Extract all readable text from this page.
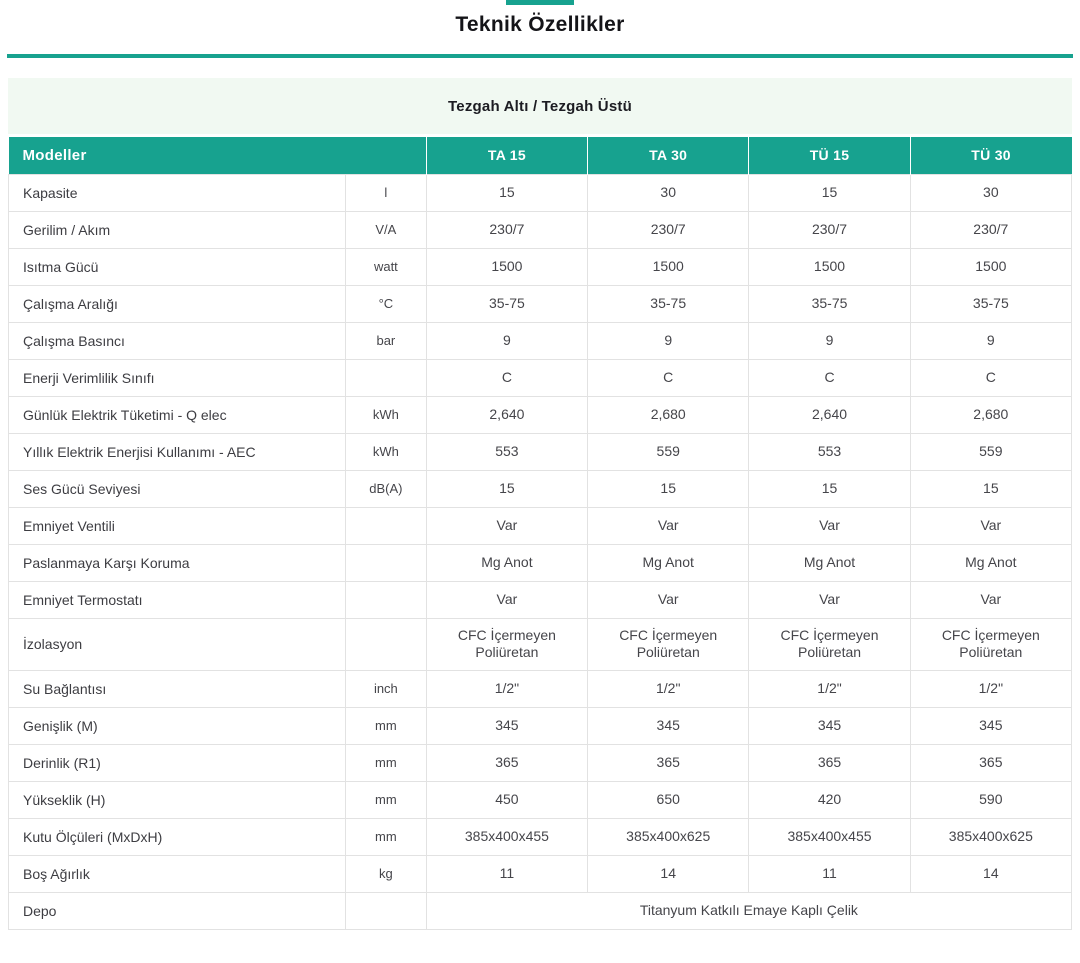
Teknik Özellikler
Tezgah Altı / Tezgah Üstü
Modeller		TA 15	TA 30	TÜ 15	TÜ 30
Kapasite	l	15	30	15	30
Gerilim / Akım	V/A	230/7	230/7	230/7	230/7
Isıtma Gücü	watt	1500	1500	1500	1500
Çalışma Aralığı	°C	35-75	35-75	35-75	35-75
Çalışma Basıncı	bar	9	9	9	9
Enerji Verimlilik Sınıfı		C	C	C	C
Günlük Elektrik Tüketimi - Q elec	kWh	2,640	2,680	2,640	2,680
Yıllık Elektrik Enerjisi Kullanımı - AEC	kWh	553	559	553	559
Ses Gücü Seviyesi	dB(A)	15	15	15	15
Emniyet Ventili		Var	Var	Var	Var
Paslanmaya Karşı Koruma		Mg Anot	Mg Anot	Mg Anot	Mg Anot
Emniyet Termostatı		Var	Var	Var	Var
İzolasyon		CFC İçermeyen Poliüretan	CFC İçermeyen Poliüretan	CFC İçermeyen Poliüretan	CFC İçermeyen Poliüretan
Su Bağlantısı	inch	1/2"	1/2"	1/2"	1/2"
Genişlik (M)	mm	345	345	345	345
Derinlik (R1)	mm	365	365	365	365
Yükseklik (H)	mm	450	650	420	590
Kutu Ölçüleri (MxDxH)	mm	385x400x455	385x400x625	385x400x455	385x400x625
Boş Ağırlık	kg	11	14	11	14
Depo		Titanyum Katkılı Emaye Kaplı Çelik			
